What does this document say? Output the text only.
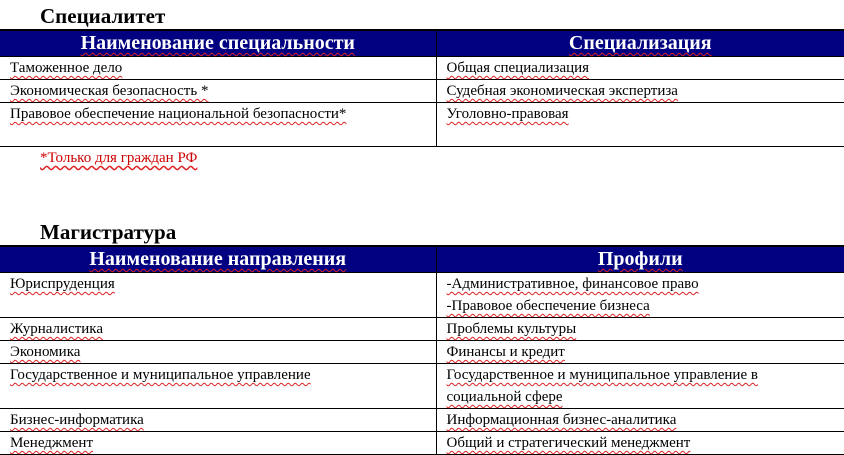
Специалитет
Наименование специальности	Специализация
Таможенное дело	Общая специализация
Экономическая безопасность *	Судебная экономическая экспертиза
Правовое обеспечение национальной безопасности*	Уголовно-правовая
*Только для граждан РФ
Магистратура
Наименование направления	Профили
Юриспруденция	-Административное, финансовое право
-Правовое обеспечение бизнеса

Журналистика	Проблемы культуры
Экономика	Финансы и кредит
Государственное и муниципальное управление	Государственное и муниципальное управление в
социальной сфере

Бизнес-информатика	Информационная бизнес-аналитика
Менеджмент	Общий и стратегический менеджмент
